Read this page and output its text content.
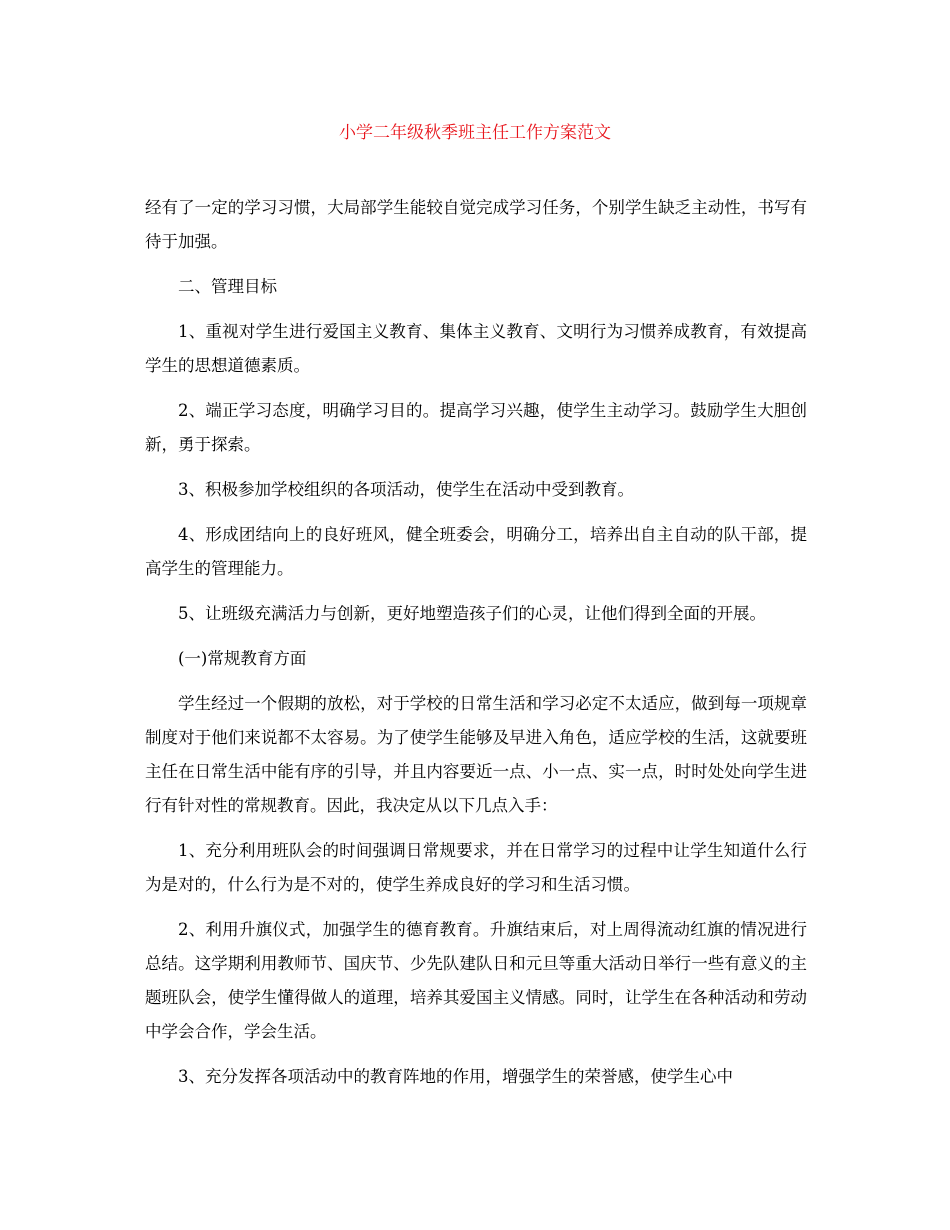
小学二年级秋季班主任工作方案范文

经有了一定的学习习惯，大局部学生能较自觉完成学习任务，个别学生缺乏主动性，书写有待于加强。

二、管理目标

1、重视对学生进行爱国主义教育、集体主义教育、文明行为习惯养成教育，有效提高学生的思想道德素质。

2、端正学习态度，明确学习目的。提高学习兴趣，使学生主动学习。鼓励学生大胆创新，勇于探索。

3、积极参加学校组织的各项活动，使学生在活动中受到教育。

4、形成团结向上的良好班风，健全班委会，明确分工，培养出自主自动的队干部，提高学生的管理能力。

5、让班级充满活力与创新，更好地塑造孩子们的心灵，让他们得到全面的开展。

(一)常规教育方面

学生经过一个假期的放松，对于学校的日常生活和学习必定不太适应，做到每一项规章制度对于他们来说都不太容易。为了使学生能够及早进入角色，适应学校的生活，这就要班主任在日常生活中能有序的引导，并且内容要近一点、小一点、实一点，时时处处向学生进行有针对性的常规教育。因此，我决定从以下几点入手：

1、充分利用班队会的时间强调日常规要求，并在日常学习的过程中让学生知道什么行为是对的，什么行为是不对的，使学生养成良好的学习和生活习惯。

2、利用升旗仪式，加强学生的德育教育。升旗结束后，对上周得流动红旗的情况进行总结。这学期利用教师节、国庆节、少先队建队日和元旦等重大活动日举行一些有意义的主题班队会，使学生懂得做人的道理，培养其爱国主义情感。同时，让学生在各种活动和劳动中学会合作，学会生活。

3、充分发挥各项活动中的教育阵地的作用，增强学生的荣誉感，使学生心中
